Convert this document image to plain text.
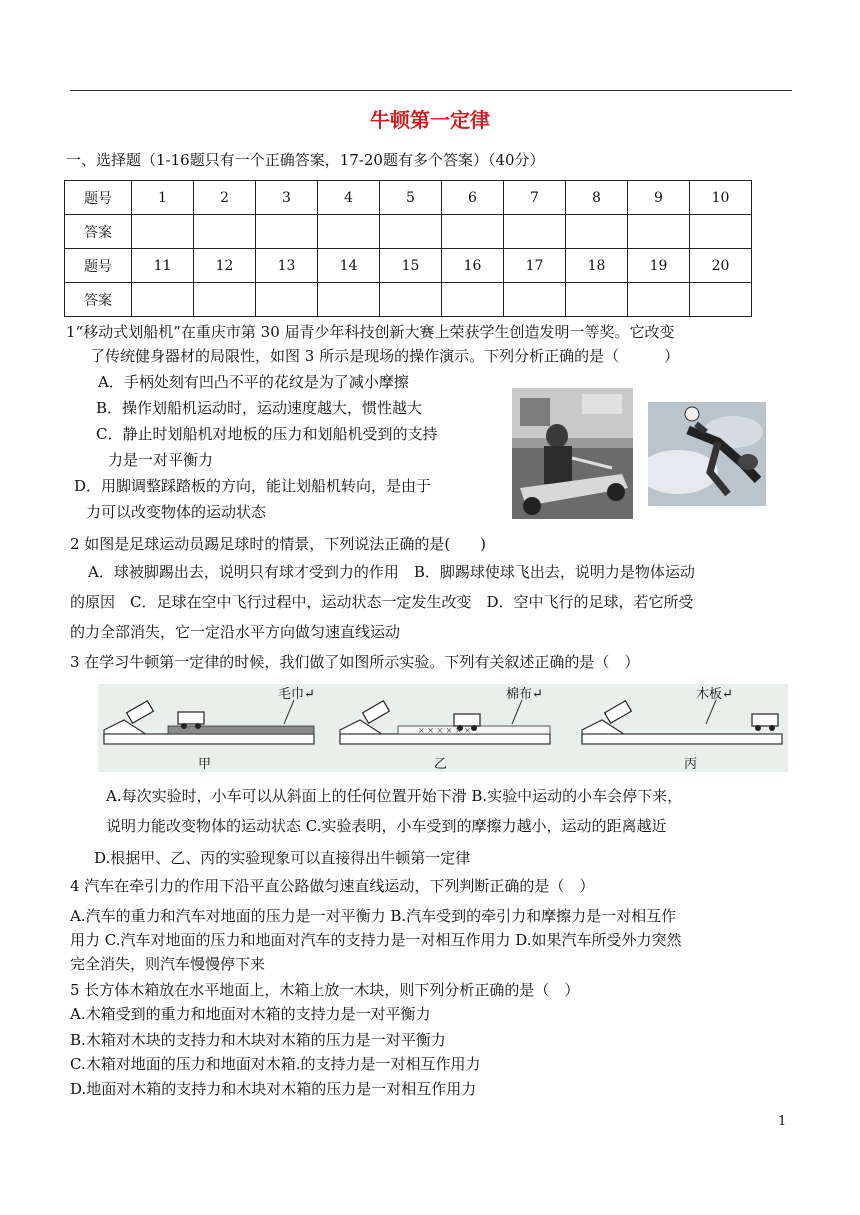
牛顿第一定律
一、选择题（1-16题只有一个正确答案，17-20题有多个答案）（40分）
题号	1	2	3	4	5	6	7	8	9	10
答案										
题号	11	12	13	14	15	16	17	18	19	20
答案										
1“移动式划船机”在重庆市第 30 届青少年科技创新大赛上荣获学生创造发明一等奖。它改变
了传统健身器材的局限性，如图 3 所示是现场的操作演示。下列分析正确的是（　　　）
A．手柄处刻有凹凸不平的花纹是为了减小摩擦
B．操作划船机运动时，运动速度越大，惯性越大
C．静止时划船机对地板的压力和划船机受到的支持
力是一对平衡力
D．用脚调整踩踏板的方向，能让划船机转向，是由于
力可以改变物体的运动状态
2 如图是足球运动员踢足球时的情景，下列说法正确的是(　　)
A．球被脚踢出去，说明只有球才受到力的作用　B．脚踢球使球飞出去，说明力是物体运动
的原因　C．足球在空中飞行过程中，运动状态一定发生改变　D．空中飞行的足球，若它所受
的力全部消失，它一定沿水平方向做匀速直线运动
3 在学习牛顿第一定律的时候，我们做了如图所示实验。下列有关叙述正确的是（　）
毛巾↵
甲
× × × × × ×
棉布↵
乙
木板↵
丙
A.每次实验时，小车可以从斜面上的任何位置开始下滑 B.实验中运动的小车会停下来，
说明力能改变物体的运动状态 C.实验表明，小车受到的摩擦力越小，运动的距离越近
D.根据甲、乙、丙的实验现象可以直接得出牛顿第一定律
4 汽车在牵引力的作用下沿平直公路做匀速直线运动，下列判断正确的是（　）
A.汽车的重力和汽车对地面的压力是一对平衡力 B.汽车受到的牵引力和摩擦力是一对相互作
用力 C.汽车对地面的压力和地面对汽车的支持力是一对相互作用力 D.如果汽车所受外力突然
完全消失，则汽车慢慢停下来
5 长方体木箱放在水平地面上，木箱上放一木块，则下列分析正确的是（　）
A.木箱受到的重力和地面对木箱的支持力是一对平衡力
B.木箱对木块的支持力和木块对木箱的压力是一对平衡力
C.木箱对地面的压力和地面对木箱.的支持力是一对相互作用力
D.地面对木箱的支持力和木块对木箱的压力是一对相互作用力
1
